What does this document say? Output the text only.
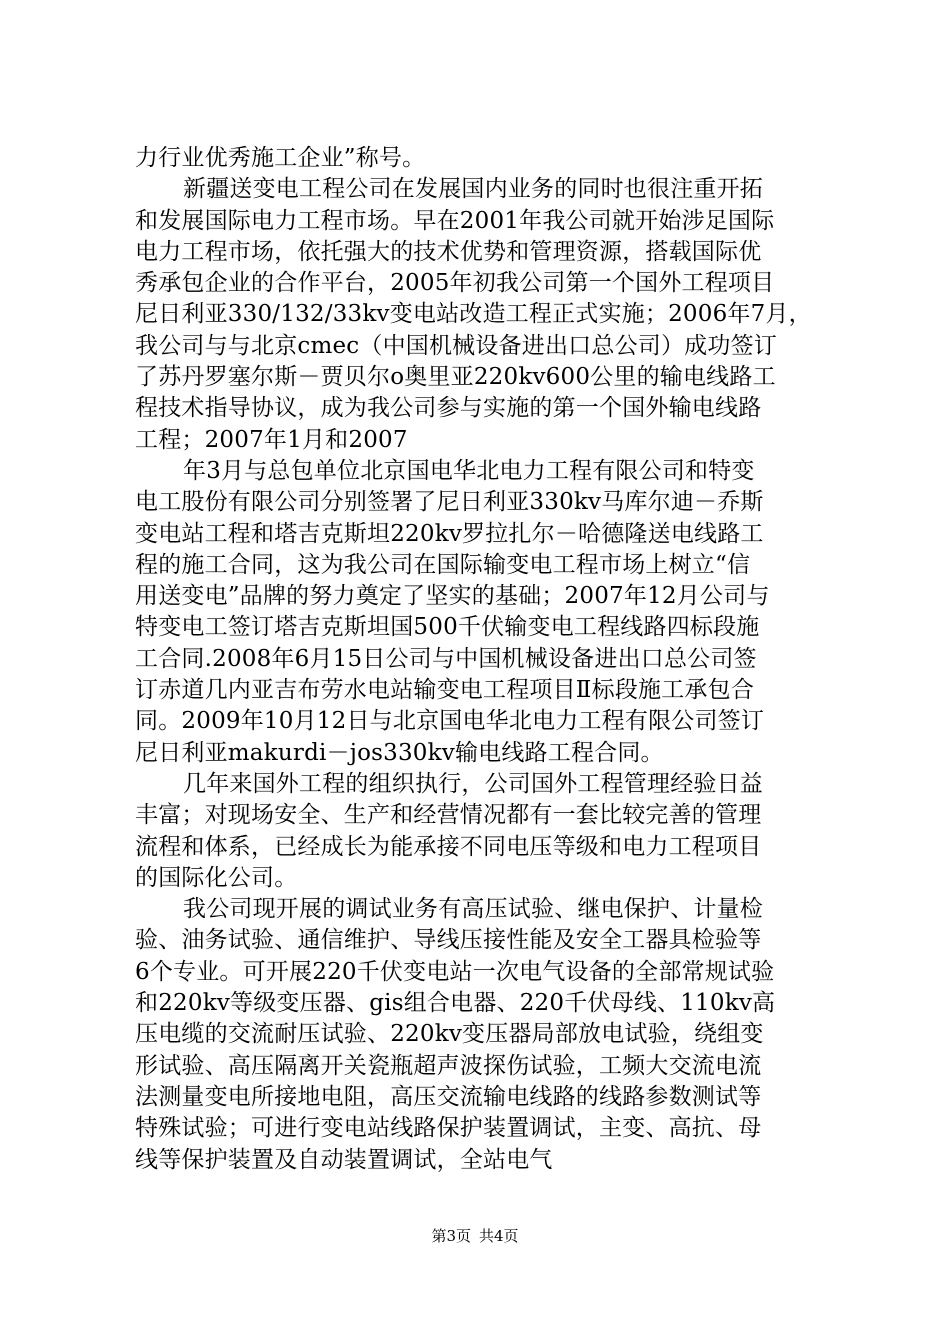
力行业优秀施工企业”称号。
新疆送变电工程公司在发展国内业务的同时也很注重开拓
和发展国际电力工程市场。早在2001年我公司就开始涉足国际
电力工程市场，依托强大的技术优势和管理资源，搭载国际优
秀承包企业的合作平台，2005年初我公司第一个国外工程项目
尼日利亚330/132/33kv变电站改造工程正式实施；2006年7月，
我公司与与北京cmec（中国机械设备进出口总公司）成功签订
了苏丹罗塞尔斯－贾贝尔o奥里亚220kv600公里的输电线路工
程技术指导协议，成为我公司参与实施的第一个国外输电线路
工程；2007年1月和2007
年3月与总包单位北京国电华北电力工程有限公司和特变
电工股份有限公司分别签署了尼日利亚330kv马库尔迪－乔斯
变电站工程和塔吉克斯坦220kv罗拉扎尔－哈德隆送电线路工
程的施工合同，这为我公司在国际输变电工程市场上树立“信
用送变电”品牌的努力奠定了坚实的基础；2007年12月公司与
特变电工签订塔吉克斯坦国500千伏输变电工程线路四标段施
工合同.2008年6月15日公司与中国机械设备进出口总公司签
订赤道几内亚吉布劳水电站输变电工程项目Ⅱ标段施工承包合
同。2009年10月12日与北京国电华北电力工程有限公司签订
尼日利亚makurdi－jos330kv输电线路工程合同。
几年来国外工程的组织执行，公司国外工程管理经验日益
丰富；对现场安全、生产和经营情况都有一套比较完善的管理
流程和体系，已经成长为能承接不同电压等级和电力工程项目
的国际化公司。
我公司现开展的调试业务有高压试验、继电保护、计量检
验、油务试验、通信维护、导线压接性能及安全工器具检验等
6个专业。可开展220千伏变电站一次电气设备的全部常规试验
和220kv等级变压器、gis组合电器、220千伏母线、110kv高
压电缆的交流耐压试验、220kv变压器局部放电试验，绕组变
形试验、高压隔离开关瓷瓶超声波探伤试验，工频大交流电流
法测量变电所接地电阻，高压交流输电线路的线路参数测试等
特殊试验；可进行变电站线路保护装置调试，主变、高抗、母
线等保护装置及自动装置调试，全站电气
第3页 共4页
